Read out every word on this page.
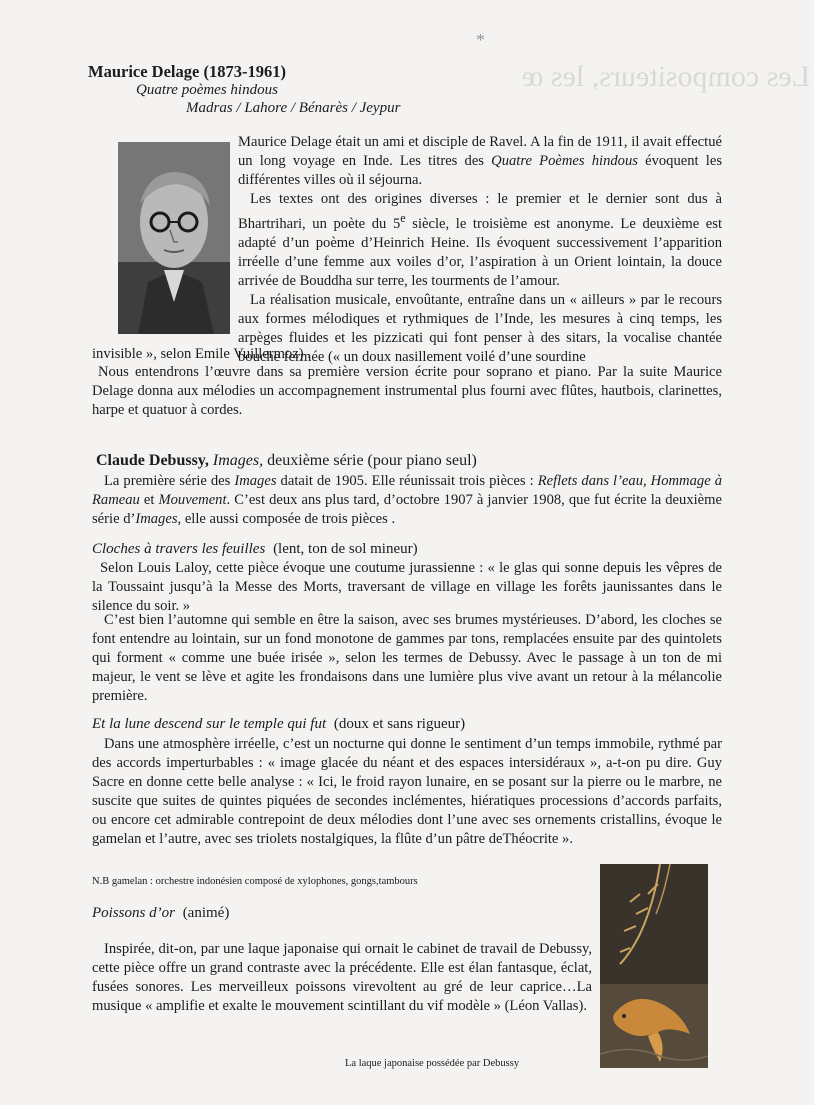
Les compositeurs, les œ
*
Maurice Delage (1873-1961)
Quatre poèmes hindous
Madras / Lahore / Bénarès / Jeypur

Maurice Delage était un ami et disciple de Ravel. A la fin de 1911, il avait effectué un long voyage en Inde. Les titres des Quatre Poèmes hindous évoquent les différentes villes où il séjourna.

Les textes ont des origines diverses : le premier et le dernier sont dus à Bhartrihari, un poète du 5e siècle, le troisième est anonyme. Le deuxième est adapté d’un poème d’Heinrich Heine. Ils évoquent successivement l’apparition irréelle d’une femme aux voiles d’or, l’aspiration à un Orient lointain, la douce arrivée de Bouddha sur terre, les tourments de l’amour.

La réalisation musicale, envoûtante, entraîne dans un « ailleurs » par le recours aux formes mélodiques et rythmiques de l’Inde, les mesures à cinq temps, les arpèges fluides et les pizzicati qui font penser à des sitars, la vocalise chantée bouche fermée (« un doux nasillement voilé d’une sourdine

invisible », selon Emile Vuillermoz) .
Nous entendrons l’œuvre dans sa première version écrite pour soprano et piano. Par la suite Maurice Delage donna aux mélodies un accompagnement instrumental plus fourni avec flûtes, hautbois, clarinettes, harpe et quatuor à cordes.
Claude Debussy, Images, deuxième série (pour piano seul)
La première série des Images datait de 1905. Elle réunissait trois pièces : Reflets dans l’eau, Hommage à Rameau et Mouvement. C’est deux ans plus tard, d’octobre 1907 à janvier 1908, que fut écrite la deuxième série d’Images, elle aussi composée de trois pièces .
Cloches à travers les feuilles (lent, ton de sol mineur)
Selon Louis Laloy, cette pièce évoque une coutume jurassienne : « le glas qui sonne depuis les vêpres de la Toussaint jusqu’à la Messe des Morts, traversant de village en village les forêts jaunissantes dans le silence du soir. »
C’est bien l’automne qui semble en être la saison, avec ses brumes mystérieuses. D’abord, les cloches se font entendre au lointain, sur un fond monotone de gammes par tons, remplacées ensuite par des quintolets qui forment « comme une buée irisée », selon les termes de Debussy. Avec le passage à un ton de mi majeur, le vent se lève et agite les frondaisons dans une lumière plus vive avant un retour à la mélancolie première.
Et la lune descend sur le temple qui fut (doux et sans rigueur)
Dans une atmosphère irréelle, c’est un nocturne qui donne le sentiment d’un temps immobile, rythmé par des accords imperturbables : « image glacée du néant et des espaces intersidéraux », a-t-on pu dire. Guy Sacre en donne cette belle analyse : « Ici, le froid rayon lunaire, en se posant sur la pierre ou le marbre, ne suscite que suites de quintes piquées de secondes inclémentes, hiératiques processions d’accords parfaits, ou encore cet admirable contrepoint de deux mélodies dont l’une avec ses ornements cristallins, évoque le gamelan et l’autre, avec ses triolets nostalgiques, la flûte d’un pâtre deThéocrite ».
N.B gamelan : orchestre indonésien composé de xylophones, gongs,tambours
Poissons d’or (animé)
Inspirée, dit-on, par une laque japonaise qui ornait le cabinet de travail de Debussy, cette pièce offre un grand contraste avec la précédente. Elle est élan fantasque, éclat, fusées sonores. Les merveilleux poissons virevoltent au gré de leur caprice…La musique « amplifie et exalte le mouvement scintillant du vif modèle » (Léon Vallas).
La laque japonaise possédée par Debussy
